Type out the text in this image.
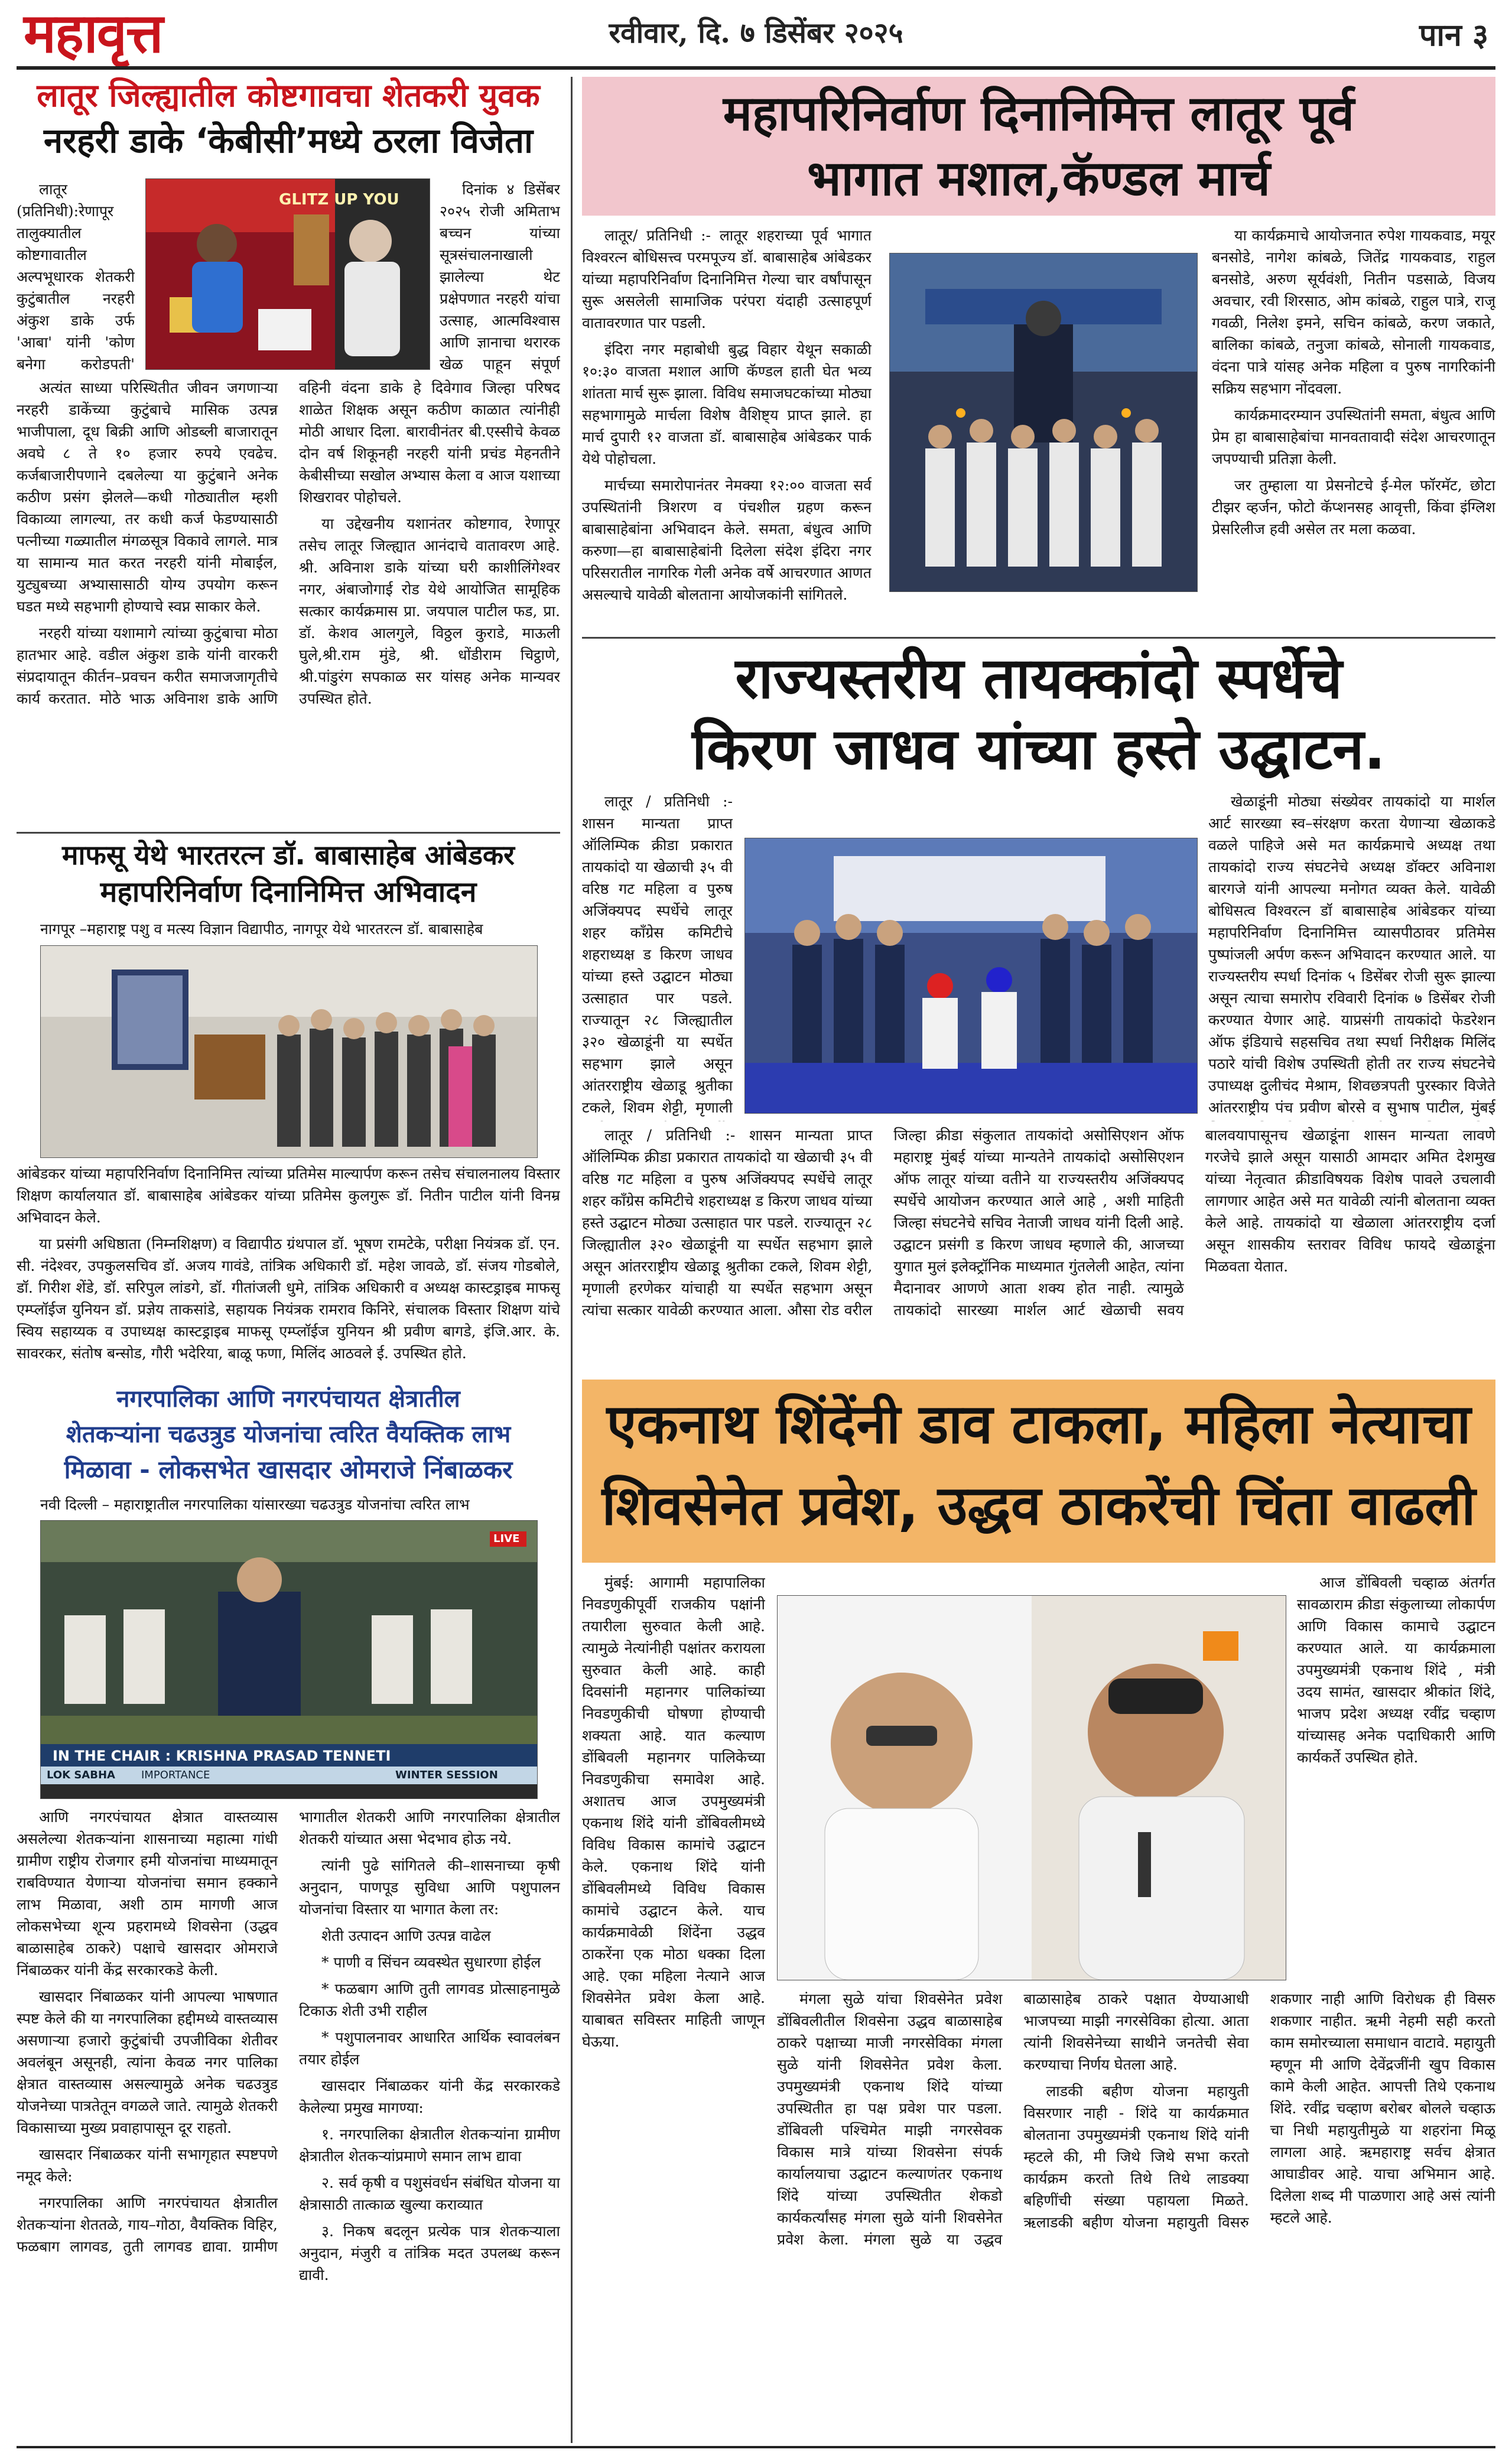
महावृत्त	रवीवार, दि. ७ डिसेंबर २०२५	पान ३
लातूर जिल्ह्यातील कोष्टगावचा शेतकरी युवक
नरहरी डाके ‘केबीसी’मध्ये ठरला विजेता
GLITZ UP YOU

लातूर (प्रतिनिधी):रेणापूर तालुक्यातील कोष्टगावातील अल्पभूधारक शेतकरी कुटुंबातील नरहरी अंकुश डाके उर्फ 'आबा' यांनी 'कोण बनेगा करोडपती'

दिनांक ४ डिसेंबर २०२५ रोजी अमिताभ बच्चन यांच्या सूत्रसंचालनाखाली झालेल्या थेट प्रक्षेपणात नरहरी यांचा उत्साह, आत्मविश्वास आणि ज्ञानाचा थरारक खेळ पाहून संपूर्ण

अत्यंत साध्या परिस्थितीत जीवन जगणाऱ्या नरहरी डाकेंच्या कुटुंबाचे मासिक उत्पन्न भाजीपाला, दूध बिक्री आणि ओडब्ली बाजारातून अवघे ८ ते १० हजार रुपये एवढेच. कर्जबाजारीपणाने दबलेल्या या कुटुंबाने अनेक कठीण प्रसंग झेलले—कधी गोठ्यातील म्हशी विकाव्या लागल्या, तर कधी कर्ज फेडण्यासाठी पत्नीच्या गळ्यातील मंगळसूत्र विकावे लागले. मात्र या सामान्य मात करत नरहरी यांनी मोबाईल, युट्युबच्या अभ्यासासाठी योग्य उपयोग करून घडत मध्ये सहभागी होण्याचे स्वप्न साकार केले.

नरहरी यांच्या यशामागे त्यांच्या कुटुंबाचा मोठा हातभार आहे. वडील अंकुश डाके यांनी वारकरी संप्रदायातून कीर्तन–प्रवचन करीत समाजजागृतीचे कार्य करतात. मोठे भाऊ अविनाश डाके आणि वहिनी वंदना डाके हे दिवेगाव जिल्हा परिषद शाळेत शिक्षक असून कठीण काळात त्यांनीही मोठी आधार दिला. बारावीनंतर बी.एस्सीचे केवळ दोन वर्ष शिकूनही नरहरी यांनी प्रचंड मेहनतीने केबीसीच्या सखोल अभ्यास केला व आज यशाच्या शिखरावर पोहोचले.

या उद्देखनीय यशानंतर कोष्टगाव, रेणापूर तसेच लातूर जिल्ह्यात आनंदाचे वातावरण आहे. श्री. अविनाश डाके यांच्या घरी काशीलिंगेश्वर नगर, अंबाजोगाई रोड येथे आयोजित सामूहिक सत्कार कार्यक्रमास प्रा. जयपाल पाटील फड, प्रा. डॉ. केशव आलगुले, विठ्ठल कुराडे, माऊली घुले,श्री.राम मुंडे, श्री. धोंडीराम चिट्ठाणे, श्री.पांडुरंग सपकाळ सर यांसह अनेक मान्यवर उपस्थित होते.

माफसू येथे भारतरत्न डॉ. बाबासाहेब आंबेडकर
महापरिनिर्वाण दिनानिमित्त अभिवादन
नागपूर –महाराष्ट्र पशु व मत्स्य विज्ञान विद्यापीठ, नागपूर येथे भारतरत्न डॉ. बाबासाहेब

आंबेडकर यांच्या महापरिनिर्वाण दिनानिमित्त त्यांच्या प्रतिमेस माल्यार्पण करून तसेच संचालनालय विस्तार शिक्षण कार्यालयात डॉ. बाबासाहेब आंबेडकर यांच्या प्रतिमेस कुलगुरू डॉ. नितीन पाटील यांनी विनम्र अभिवादन केले.

या प्रसंगी अधिष्ठाता (निम्नशिक्षण) व विद्यापीठ ग्रंथपाल डॉ. भूषण रामटेके, परीक्षा नियंत्रक डॉ. एन. सी. नंदेश्वर, उपकुलसचिव डॉ. अजय गावंडे, तांत्रिक अधिकारी डॉ. महेश जावळे, डॉ. संजय गोडबोले, डॉ. गिरीश शेंडे, डॉ. सरिपुल लांडगे, डॉ. गीतांजली धुमे, तांत्रिक अधिकारी व अध्यक्ष कास्टड्राइब माफसू एम्प्लॉईज युनियन डॉ. प्रज्ञेय ताकसांडे, सहायक नियंत्रक रामराव किनिरे, संचालक विस्तार शिक्षण यांचे स्विय सहाय्यक व उपाध्यक्ष कास्टड्राइब माफसू एम्प्लॉईज युनियन श्री प्रवीण बागडे, इंजि.आर. के. सावरकर, संतोष बन्सोड, गौरी भदेरिया, बाळू फणा, मिलिंद आठवले ई. उपस्थित होते.

नगरपालिका आणि नगरपंचायत क्षेत्रातील
शेतकऱ्यांना चढउत्रुड योजनांचा त्वरित वैयक्तिक लाभ
मिळावा - लोकसभेत खासदार ओमराजे निंबाळकर
नवी दिल्ली – महाराष्ट्रातील नगरपालिका यांसारख्या चढउत्रुड योजनांचा त्वरित लाभ
LIVE
IN THE CHAIR : KRISHNA PRASAD TENNETI
LOK SABHA IMPORTANCE	WINTER SESSION

आणि नगरपंचायत क्षेत्रात वास्तव्यास असलेल्या शेतकऱ्यांना शासनाच्या महात्मा गांधी ग्रामीण राष्ट्रीय रोजगार हमी योजनांचा माध्यमातून राबविण्यात येणाऱ्या योजनांचा समान हक्काने लाभ मिळावा, अशी ठाम मागणी आज लोकसभेच्या शून्य प्रहरामध्ये शिवसेना (उद्धव बाळासाहेब ठाकरे) पक्षाचे खासदार ओमराजे निंबाळकर यांनी केंद्र सरकारकडे केली.

खासदार निंबाळकर यांनी आपल्या भाषणात स्पष्ट केले की या नगरपालिका हद्दीमध्ये वास्तव्यास असणाऱ्या हजारो कुटुंबांची उपजीविका शेतीवर अवलंबून असूनही, त्यांना केवळ नगर पालिका क्षेत्रात वास्तव्यास असल्यामुळे अनेक चढउत्रुड योजनेच्या पात्रतेतून वगळले जाते. त्यामुळे शेतकरी विकासाच्या मुख्य प्रवाहापासून दूर राहतो.

खासदार निंबाळकर यांनी सभागृहात स्पष्टपणे नमूद केले:

नगरपालिका आणि नगरपंचायत क्षेत्रातील शेतकऱ्यांना शेततळे, गाय–गोठा, वैयक्तिक विहिर, फळबाग लागवड, तुती लागवड द्यावा. ग्रामीण भागातील शेतकरी आणि नगरपालिका क्षेत्रातील शेतकरी यांच्यात असा भेदभाव होऊ नये.

त्यांनी पुढे सांगितले की–शासनाच्या कृषी अनुदान, पाणपूड सुविधा आणि पशुपालन योजनांचा विस्तार या भागात केला तर:

शेती उत्पादन आणि उत्पन्न वाढेल

* पाणी व सिंचन व्यवस्थेत सुधारणा होईल

* फळबाग आणि तुती लागवड प्रोत्साहनामुळे टिकाऊ शेती उभी राहील

* पशुपालनावर आधारित आर्थिक स्वावलंबन तयार होईल

खासदार निंबाळकर यांनी केंद्र सरकारकडे केलेल्या प्रमुख मागण्या:

१. नगरपालिका क्षेत्रातील शेतकऱ्यांना ग्रामीण क्षेत्रातील शेतकऱ्यांप्रमाणे समान लाभ द्यावा

२. सर्व कृषी व पशुसंवर्धन संबंधित योजना या क्षेत्रासाठी तात्काळ खुल्या कराव्यात

३. निकष बदलून प्रत्येक पात्र शेतकऱ्याला अनुदान, मंजुरी व तांत्रिक मदत उपलब्ध करून द्यावी.

महापरिनिर्वाण दिनानिमित्त लातूर पूर्व
भागात मशाल,कॅण्डल मार्च

लातूर/ प्रतिनिधी :- लातूर शहराच्या पूर्व भागात विश्वरत्न बोधिसत्त्व परमपूज्य डॉ. बाबासाहेब आंबेडकर यांच्या महापरिनिर्वाण दिनानिमित्त गेल्या चार वर्षांपासून सुरू असलेली सामाजिक परंपरा यंदाही उत्साहपूर्ण वातावरणात पार पडली.

इंदिरा नगर महाबोधी बुद्ध विहार येथून सकाळी १०:३० वाजता मशाल आणि कॅण्डल हाती घेत भव्य शांतता मार्च सुरू झाला. विविध समाजघटकांच्या मोठ्या सहभागामुळे मार्चला विशेष वैशिष्ट्य प्राप्त झाले. हा मार्च दुपारी १२ वाजता डॉ. बाबासाहेब आंबेडकर पार्क येथे पोहोचला.

मार्चच्या समारोपानंतर नेमक्या १२:०० वाजता सर्व उपस्थितांनी त्रिशरण व पंचशील ग्रहण करून बाबासाहेबांना अभिवादन केले. समता, बंधुत्व आणि करुणा—हा बाबासाहेबांनी दिलेला संदेश इंदिरा नगर परिसरातील नागरिक गेली अनेक वर्षे आचरणात आणत असल्याचे यावेळी बोलताना आयोजकांनी सांगितले.

या कार्यक्रमाचे आयोजनात रुपेश गायकवाड, मयूर बनसोडे, नागेश कांबळे, जितेंद्र गायकवाड, राहुल बनसोडे, अरुण सूर्यवंशी, नितीन पडसाळे, विजय अवचार, रवी शिरसाठ, ओम कांबळे, राहुल पात्रे, राजू गवळी, निलेश इमने, सचिन कांबळे, करण जकाते, बालिका कांबळे, तनुजा कांबळे, सोनाली गायकवाड, वंदना पात्रे यांसह अनेक महिला व पुरुष नागरिकांनी सक्रिय सहभाग नोंदवला.

कार्यक्रमादरम्यान उपस्थितांनी समता, बंधुत्व आणि प्रेम हा बाबासाहेबांचा मानवतावादी संदेश आचरणातून जपण्याची प्रतिज्ञा केली.

जर तुम्हाला या प्रेसनोटचे ई-मेल फॉरमॅट, छोटा टीझर व्हर्जन, फोटो कॅप्शनसह आवृत्ती, किंवा इंग्लिश प्रेसरिलीज हवी असेल तर मला कळवा.

राज्यस्तरीय तायक्कांदो स्पर्धेचे
किरण जाधव यांच्या हस्ते उद्घाटन.

लातूर / प्रतिनिधी :- शासन मान्यता प्राप्त ऑलिम्पिक क्रीडा प्रकारात तायकांदो या खेळाची ३५ वी वरिष्ठ गट महिला व पुरुष अजिंक्यपद स्पर्धेचे लातूर शहर काँग्रेस कमिटीचे शहराध्यक्ष ड किरण जाधव यांच्या हस्ते उद्घाटन मोठ्या उत्साहात पार पडले. राज्यातून २८ जिल्ह्यातील ३२० खेळाडूंनी या स्पर्धेत सहभाग झाले असून आंतरराष्ट्रीय खेळाडू श्रुतीका टकले, शिवम शेट्टी, मृणाली

खेळाडूंनी मोठ्या संख्येवर तायकांदो या मार्शल आर्ट सारख्या स्व–संरक्षण करता येणाऱ्या खेळाकडे वळले पाहिजे असे मत कार्यक्रमाचे अध्यक्ष तथा तायकांदो राज्य संघटनेचे अध्यक्ष डॉक्टर अविनाश बारगजे यांनी आपल्या मनोगत व्यक्त केले. यावेळी बोधिसत्व विश्वरत्न डॉ बाबासाहेब आंबेडकर यांच्या महापरिनिर्वाण दिनानिमित्त व्यासपीठावर प्रतिमेस पुष्पांजली अर्पण करून अभिवादन करण्यात आले. या राज्यस्तरीय स्पर्धा दिनांक ५ डिसेंबर रोजी सुरू झाल्या असून त्याचा समारोप रविवारी दिनांक ७ डिसेंबर रोजी करण्यात येणार आहे. याप्रसंगी तायकांदो फेडरेशन ऑफ इंडियाचे सहसचिव तथा स्पर्धा निरीक्षक मिलिंद पठारे यांची विशेष उपस्थिती होती तर राज्य संघटनेचे उपाध्यक्ष दुलीचंद मेश्राम, शिवछत्रपती पुरस्कार विजेते आंतरराष्ट्रीय पंच प्रवीण बोरसे व सुभाष पाटील, मुंबई

लातूर / प्रतिनिधी :- शासन मान्यता प्राप्त ऑलिम्पिक क्रीडा प्रकारात तायकांदो या खेळाची ३५ वी वरिष्ठ गट महिला व पुरुष अजिंक्यपद स्पर्धेचे लातूर शहर काँग्रेस कमिटीचे शहराध्यक्ष ड किरण जाधव यांच्या हस्ते उद्घाटन मोठ्या उत्साहात पार पडले. राज्यातून २८ जिल्ह्यातील ३२० खेळाडूंनी या स्पर्धेत सहभाग झाले असून आंतरराष्ट्रीय खेळाडू श्रुतीका टकले, शिवम शेट्टी, मृणाली हरणेकर यांचाही या स्पर्धेत सहभाग असून त्यांचा सत्कार यावेळी करण्यात आला. औसा रोड वरील जिल्हा क्रीडा संकुलात तायकांदो असोसिएशन ऑफ महाराष्ट्र मुंबई यांच्या मान्यतेने तायकांदो असोसिएशन ऑफ लातूर यांच्या वतीने या राज्यस्तरीय अजिंक्यपद स्पर्धेचे आयोजन करण्यात आले आहे , अशी माहिती जिल्हा संघटनेचे सचिव नेताजी जाधव यांनी दिली आहे. उद्घाटन प्रसंगी ड किरण जाधव म्हणाले की, आजच्या युगात मुलं इलेक्ट्रॉनिक माध्यमात गुंतलेली आहेत, त्यांना मैदानावर आणणे आता शक्य होत नाही. त्यामुळे तायकांदो सारख्या मार्शल आर्ट खेळाची सवय बालवयापासूनच खेळाडूंना शासन मान्यता लावणे गरजेचे झाले असून यासाठी आमदार अमित देशमुख यांच्या नेतृत्वात क्रीडाविषयक विशेष पावले उचलावी लागणार आहेत असे मत यावेळी त्यांनी बोलताना व्यक्त केले आहे. तायकांदो या खेळाला आंतरराष्ट्रीय दर्जा असून शासकीय स्तरावर विविध फायदे खेळाडूंना मिळवता येतात.

एकनाथ शिंदेंनी डाव टाकला, महिला नेत्याचा
शिवसेनेत प्रवेश, उद्धव ठाकरेंची चिंता वाढली

मुंबई: आगामी महापालिका निवडणुकीपूर्वी राजकीय पक्षांनी तयारीला सुरुवात केली आहे. त्यामुळे नेत्यांनीही पक्षांतर करायला सुरुवात केली आहे. काही दिवसांनी महानगर पालिकांच्या निवडणुकीची घोषणा होण्याची शक्यता आहे. यात कल्याण डोंबिवली महानगर पालिकेच्या निवडणुकीचा समावेश आहे. अशातच आज उपमुख्यमंत्री एकनाथ शिंदे यांनी डोंबिवलीमध्ये विविध विकास कामांचे उद्घाटन केले. एकनाथ शिंदे यांनी डोंबिवलीमध्ये विविध विकास कामांचे उद्घाटन केले. याच कार्यक्रमावेळी शिंदेंना उद्धव ठाकरेंना एक मोठा धक्का दिला आहे. एका महिला नेत्याने आज शिवसेनेत प्रवेश केला आहे. याबाबत सविस्तर माहिती जाणून घेऊया.

आज डोंबिवली चव्हाळ अंतर्गत सावळाराम क्रीडा संकुलाच्या लोकार्पण आणि विकास कामाचे उद्घाटन करण्यात आले. या कार्यक्रमाला उपमुख्यमंत्री एकनाथ शिंदे , मंत्री उदय सामंत, खासदार श्रीकांत शिंदे, भाजप प्रदेश अध्यक्ष रवींद्र चव्हाण यांच्यासह अनेक पदाधिकारी आणि कार्यकर्ते उपस्थित होते.

मंगला सुळे यांचा शिवसेनेत प्रवेश डोंबिवलीतील शिवसेना उद्धव बाळासाहेब ठाकरे पक्षाच्या माजी नगरसेविका मंगला सुळे यांनी शिवसेनेत प्रवेश केला. उपमुख्यमंत्री एकनाथ शिंदे यांच्या उपस्थितीत हा पक्ष प्रवेश पार पडला. डोंबिवली पश्चिमेत माझी नगरसेवक विकास मात्रे यांच्या शिवसेना संपर्क कार्यालयाचा उद्घाटन कल्याणंतर एकनाथ शिंदे यांच्या उपस्थितीत शेकडो कार्यकर्त्यांसह मंगला सुळे यांनी शिवसेनेत प्रवेश केला. मंगला सुळे या उद्धव बाळासाहेब ठाकरे पक्षात येण्याआधी भाजपच्या माझी नगरसेविका होत्या. आता त्यांनी शिवसेनेच्या साथीने जनतेची सेवा करण्याचा निर्णय घेतला आहे.

लाडकी बहीण योजना महायुती विसरणार नाही - शिंदे या कार्यक्रमात बोलताना उपमुख्यमंत्री एकनाथ शिंदे यांनी म्हटले की, मी जिथे जिथे सभा करतो कार्यक्रम करतो तिथे तिथे लाडक्या बहिणींची संख्या पहायला मिळते. ऋलाडकी बहीण योजना महायुती विसरु शकणार नाही आणि विरोधक ही विसरु शकणार नाहीत. ऋमी नेहमी सही करतो काम समोरच्याला समाधान वाटावे. महायुती म्हणून मी आणि देवेंद्रजींनी खुप विकास कामे केली आहेत. आपत्ती तिथे एकनाथ शिंदे. रवींद्र चव्हाण बरोबर बोलले चव्हाऊ चा निधी महायुतीमुळे या शहरांना मिळू लागला आहे. ऋमहाराष्ट्र सर्वच क्षेत्रात आघाडीवर आहे. याचा अभिमान आहे. दिलेला शब्द मी पाळणारा आहे असं त्यांनी म्हटले आहे.
